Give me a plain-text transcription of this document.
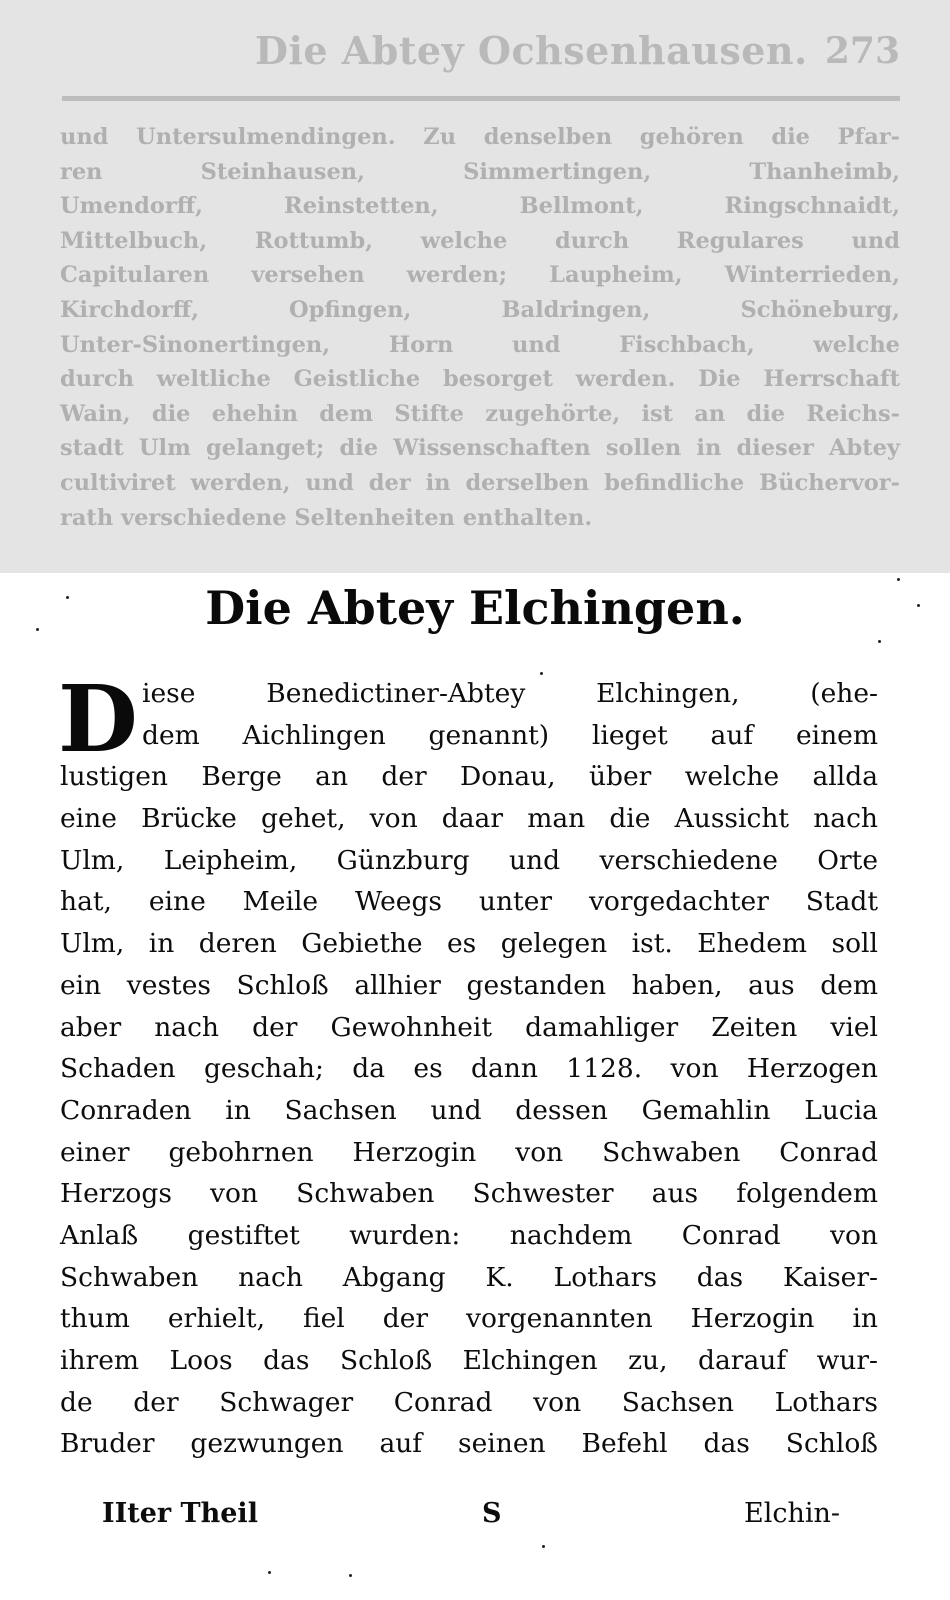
Die Abtey Ochsenhausen. 273
und Untersulmendingen. Zu denselben gehören die Pfar-
ren Steinhausen, Simmertingen, Thanheimb,
Umendorff, Reinstetten, Bellmont, Ringschnaidt,
Mittelbuch, Rottumb, welche durch Regulares und
Capitularen versehen werden; Laupheim, Winterrieden,
Kirchdorff, Opfingen, Baldringen, Schöneburg,
Unter-Sinonertingen, Horn und Fischbach, welche
durch weltliche Geistliche besorget werden. Die Herrschaft
Wain, die ehehin dem Stifte zugehörte, ist an die Reichs-
stadt Ulm gelanget; die Wissenschaften sollen in dieser Abtey
cultiviret werden, und der in derselben befindliche Büchervor-
rath verschiedene Seltenheiten enthalten.
Die Abtey Elchingen.
D iese Benedictiner-Abtey Elchingen, (ehe-
dem Aichlingen genannt) lieget auf einem
lustigen Berge an der Donau, über welche allda
eine Brücke gehet, von daar man die Aussicht nach
Ulm, Leipheim, Günzburg und verschiedene Orte
hat, eine Meile Weegs unter vorgedachter Stadt
Ulm, in deren Gebiethe es gelegen ist. Ehedem soll
ein vestes Schloß allhier gestanden haben, aus dem
aber nach der Gewohnheit damahliger Zeiten viel
Schaden geschah; da es dann 1128. von Herzogen
Conraden in Sachsen und dessen Gemahlin Lucia
einer gebohrnen Herzogin von Schwaben Conrad
Herzogs von Schwaben Schwester aus folgendem
Anlaß gestiftet wurden: nachdem Conrad von
Schwaben nach Abgang K. Lothars das Kaiser-
thum erhielt, fiel der vorgenannten Herzogin in
ihrem Loos das Schloß Elchingen zu, darauf wur-
de der Schwager Conrad von Sachsen Lothars
Bruder gezwungen auf seinen Befehl das Schloß
IIter Theil	S	Elchin-
